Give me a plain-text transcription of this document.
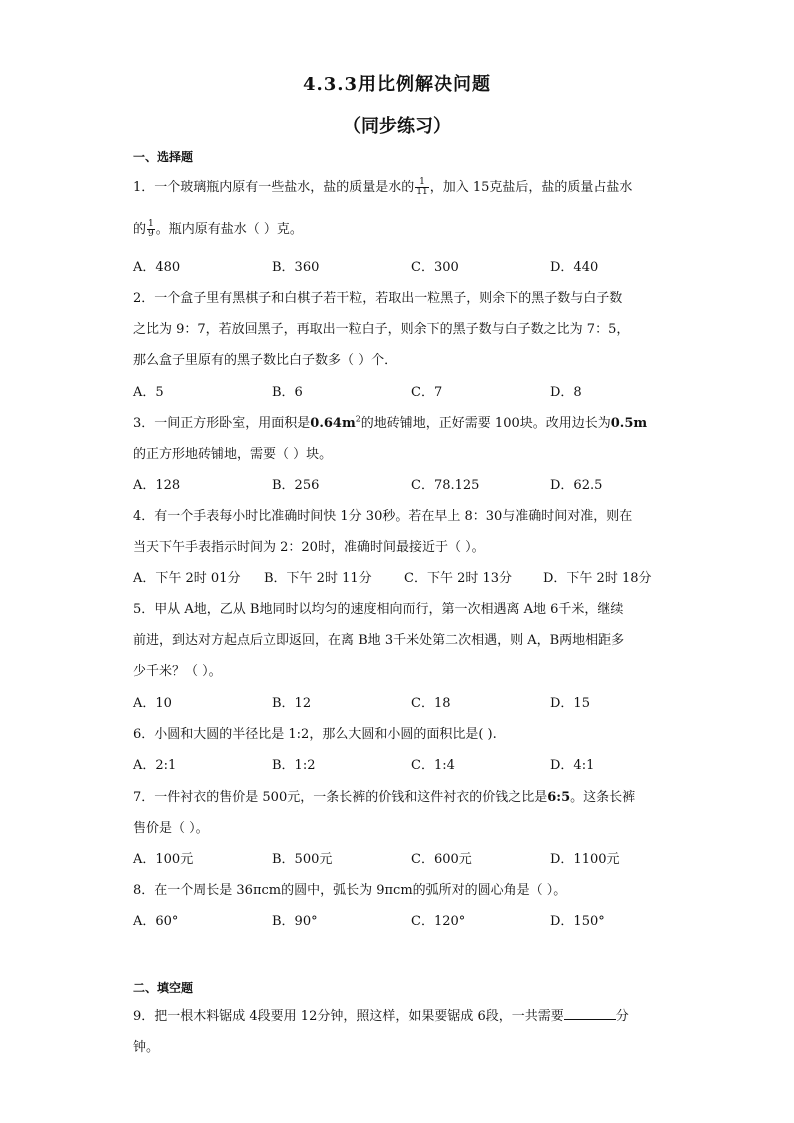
4.3.3用比例解决问题
（同步练习）
一、选择题
1．一个玻璃瓶内原有一些盐水，盐的质量是水的 $\frac{1}{11}$ ，加入 15克盐后，盐的质量占盐水
的 $\frac{1}{9}$ 。瓶内原有盐水（ ）克。
A．480	B．360	C．300	D．440
2．一个盒子里有黑棋子和白棋子若干粒，若取出一粒黑子，则余下的黑子数与白子数
之比为 9：7，若放回黑子，再取出一粒白子，则余下的黑子数与白子数之比为 7：5，
那么盒子里原有的黑子数比白子数多（ ）个．
A．5	B．6	C．7	D．8
3．一间正方形卧室，用面积是$0.64m^2$的地砖铺地，正好需要 100块。改用边长为0.5m
的正方形地砖铺地，需要（ ）块。
A．128	B．256	C．78.125	D．62.5
4．有一个手表每小时比准确时间快 1分 30秒。若在早上 8：30与准确时间对准，则在
当天下午手表指示时间为 2：20时，准确时间最接近于（ ）。
A．下午 2时 01分 B．下午 2时 11分 C．下午 2时 13分 D．下午 2时 18分
5．甲从 A地，乙从 B地同时以均匀的速度相向而行，第一次相遇离 A地 6千米，继续
前进，到达对方起点后立即返回，在离 B地 3千米处第二次相遇，则 A，B两地相距多
少千米？（ ）。
A．10	B．12	C．18	D．15
6．小圆和大圆的半径比是 1:2，那么大圆和小圆的面积比是( ).
A．2:1	B．1:2	C．1:4	D．4:1
7．一件衬衣的售价是 500元，一条长裤的价钱和这件衬衣的价钱之比是6:5。这条长裤
售价是（ ）。
A．100元	B．500元	C．600元	D．1100元
8．在一个周长是 36πcm的圆中，弧长为 9πcm的弧所对的圆心角是（ ）。
A．60°	B．90°	C．120°	D．150°
二、填空题
9．把一根木料锯成 4段要用 12分钟，照这样，如果要锯成 6段，一共需要	分
钟。
